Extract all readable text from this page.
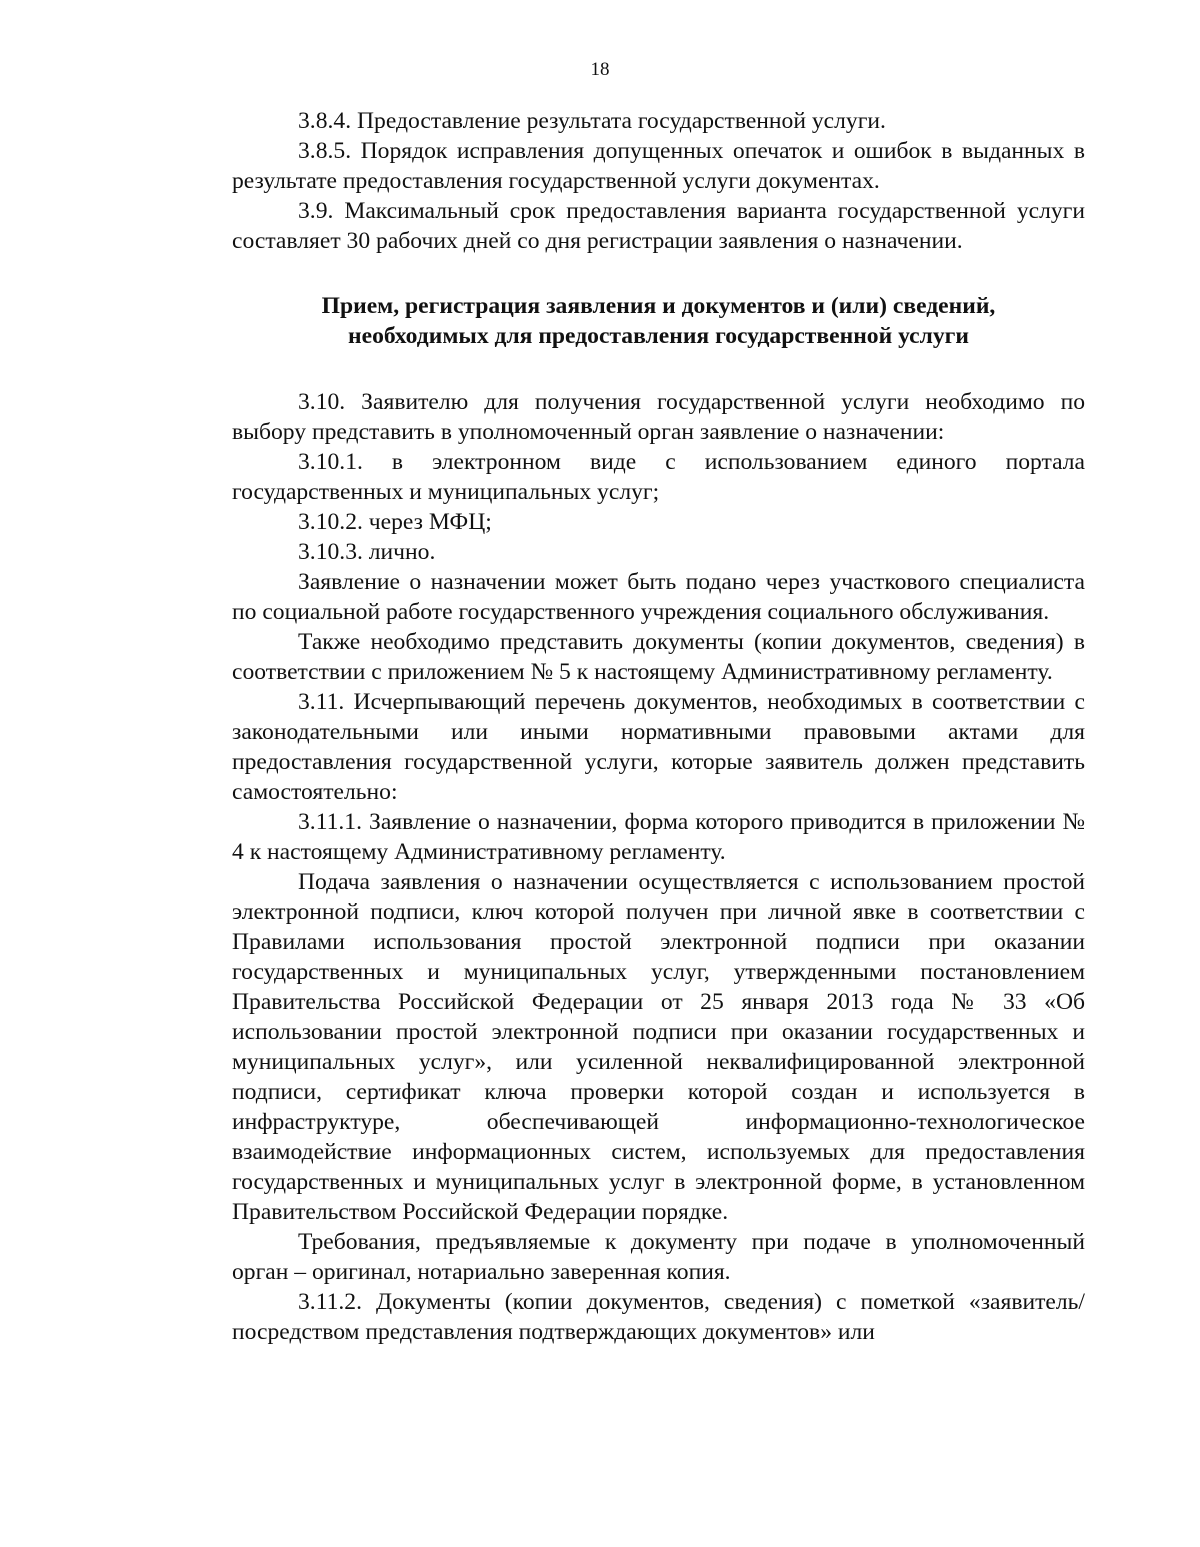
18

3.8.4. Предоставление результата государственной услуги.

3.8.5. Порядок исправления допущенных опечаток и ошибок в выданных в результате предоставления государственной услуги документах.

3.9. Максимальный срок предоставления варианта государственной услуги составляет 30 рабочих дней со дня регистрации заявления о назначении.

Прием, регистрация заявления и документов и (или) сведений,
необходимых для предоставления государственной услуги

3.10. Заявителю для получения государственной услуги необходимо по выбору представить в уполномоченный орган заявление о назначении:

3.10.1. в электронном виде с использованием единого портала государственных и муниципальных услуг;

3.10.2. через МФЦ;

3.10.3. лично.

Заявление о назначении может быть подано через участкового специалиста по социальной работе государственного учреждения социального обслуживания.

Также необходимо представить документы (копии документов, сведения) в соответствии с приложением № 5 к настоящему Административному регламенту.

3.11. Исчерпывающий перечень документов, необходимых в соответствии с законодательными или иными нормативными правовыми актами для предоставления государственной услуги, которые заявитель должен представить самостоятельно:

3.11.1. Заявление о назначении, форма которого приводится в приложении № 4 к настоящему Административному регламенту.

Подача заявления о назначении осуществляется с использованием простой электронной подписи, ключ которой получен при личной явке в соответствии с Правилами использования простой электронной подписи при оказании государственных и муниципальных услуг, утвержденными постановлением Правительства Российской Федерации от 25 января 2013 года № 33 «Об использовании простой электронной подписи при оказании государственных и муниципальных услуг», или усиленной неквалифицированной электронной подписи, сертификат ключа проверки которой создан и используется в инфраструктуре, обеспечивающей информационно-технологическое взаимодействие информационных систем, используемых для предоставления государственных и муниципальных услуг в электронной форме, в установленном Правительством Российской Федерации порядке.

Требования, предъявляемые к документу при подаче в уполномоченный орган – оригинал, нотариально заверенная копия.

3.11.2. Документы (копии документов, сведения) с пометкой «заявитель/посредством представления подтверждающих документов» или
